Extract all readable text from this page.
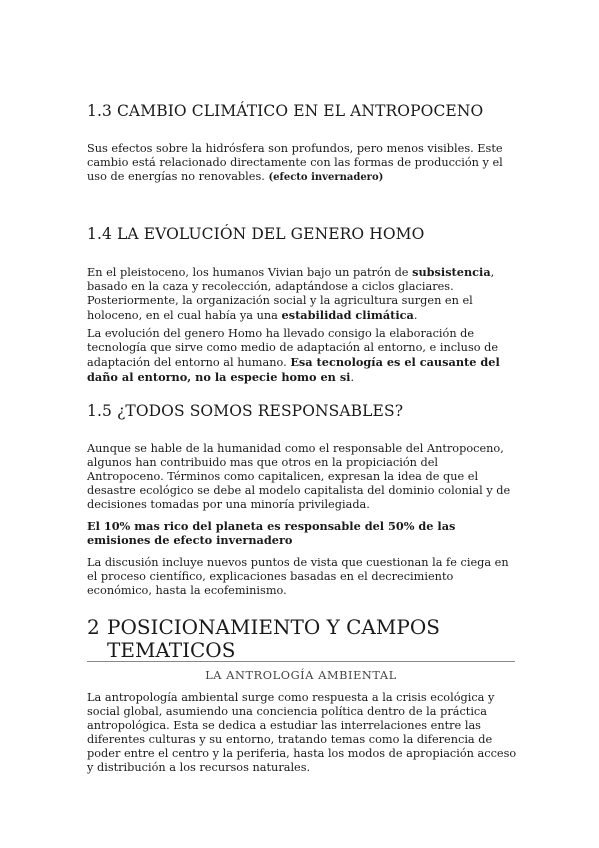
1.3 CAMBIO CLIMÁTICO EN EL ANTROPOCENO
Sus efectos sobre la hidrósfera son profundos, pero menos visibles. Este cambio está relacionado directamente con las formas de producción y el uso de energías no renovables. (efecto invernadero)
1.4 LA EVOLUCIÓN DEL GENERO HOMO
En el pleistoceno, los humanos Vivian bajo un patrón de subsistencia, basado en la caza y recolección, adaptándose a ciclos glaciares. Posteriormente, la organización social y la agricultura surgen en el holoceno, en el cual había ya una estabilidad climática.
La evolución del genero Homo ha llevado consigo la elaboración de tecnología que sirve como medio de adaptación al entorno, e incluso de adaptación del entorno al humano. Esa tecnología es el causante del daño al entorno, no la especie homo en si.
1.5 ¿TODOS SOMOS RESPONSABLES?
Aunque se hable de la humanidad como el responsable del Antropoceno, algunos han contribuido mas que otros en la propiciación del Antropoceno. Términos como capitalicen, expresan la idea de que el desastre ecológico se debe al modelo capitalista del dominio colonial y de decisiones tomadas por una minoría privilegiada.
El 10% mas rico del planeta es responsable del 50% de las emisiones de efecto invernadero
La discusión incluye nuevos puntos de vista que cuestionan la fe ciega en el proceso científico, explicaciones basadas en el decrecimiento económico, hasta la ecofeminismo.
2 POSICIONAMIENTO Y CAMPOS
TEMATICOS
LA ANTROLOGÍA AMBIENTAL
La antropología ambiental surge como respuesta a la crisis ecológica y social global, asumiendo una conciencia política dentro de la práctica antropológica. Esta se dedica a estudiar las interrelaciones entre las diferentes culturas y su entorno, tratando temas como la diferencia de poder entre el centro y la periferia, hasta los modos de apropiación acceso y distribución a los recursos naturales.
